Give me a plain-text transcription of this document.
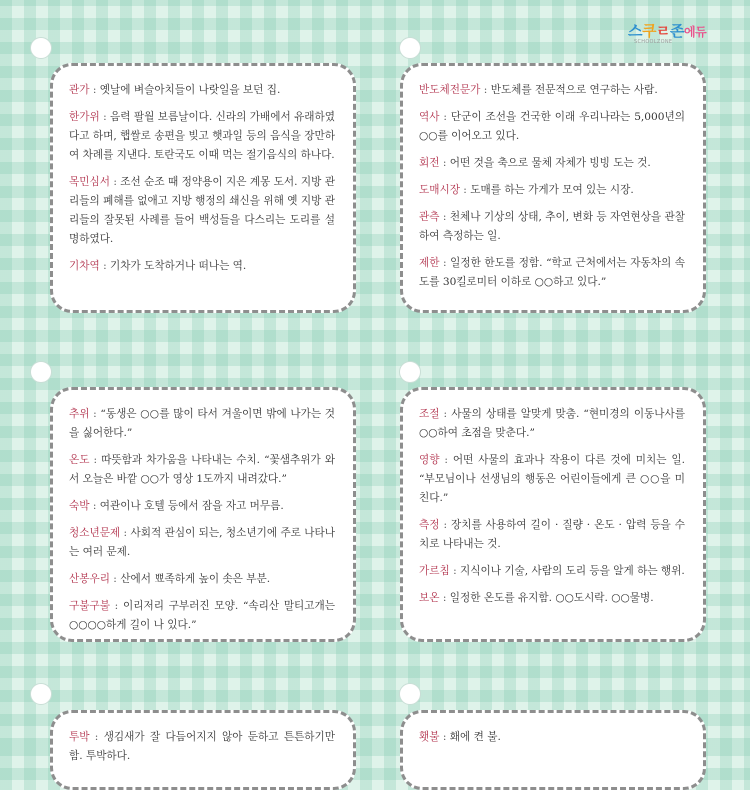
스쿠ㄹ존에듀
SCHOOLZONE
관가 : 옛날에 벼슬아치들이 나랏일을 보던 집.
한가위 : 음력 팔월 보름날이다. 신라의 가배에서 유래하였다고 하며, 햅쌀로 송편을 빚고 햇과일 등의 음식을 장만하여 차례를 지낸다. 토란국도 이때 먹는 절기음식의 하나다.
목민심서 : 조선 순조 때 정약용이 지은 계몽 도서. 지방 관리들의 폐해를 없애고 지방 행정의 쇄신을 위해 옛 지방 관리들의 잘못된 사례를 들어 백성들을 다스리는 도리를 설명하였다.
기차역 : 기차가 도착하거나 떠나는 역.
반도체전문가 : 반도체를 전문적으로 연구하는 사람.
역사 : 단군이 조선을 건국한 이래 우리나라는 5,000년의 ○○를 이어오고 있다.
회전 : 어떤 것을 축으로 물체 자체가 빙빙 도는 것.
도매시장 : 도매를 하는 가게가 모여 있는 시장.
관측 : 천체나 기상의 상태, 추이, 변화 등 자연현상을 관찰하여 측정하는 일.
제한 : 일정한 한도를 정함. “학교 근처에서는 자동차의 속도를 30킬로미터 이하로 ○○하고 있다.”
추위 : “동생은 ○○를 많이 타서 겨울이면 밖에 나가는 것을 싫어한다.”
온도 : 따뜻함과 차가움을 나타내는 수치. “꽃샘추위가 와서 오늘은 바깥 ○○가 영상 1도까지 내려갔다.”
숙박 : 여관이나 호텔 등에서 잠을 자고 머무름.
청소년문제 : 사회적 관심이 되는, 청소년기에 주로 나타나는 여러 문제.
산봉우리 : 산에서 뾰족하게 높이 솟은 부분.
구불구불 : 이리저리 구부러진 모양. “속리산 말티고개는 ○○○○하게 길이 나 있다.”
조절 : 사물의 상태를 알맞게 맞춤. “현미경의 이동나사를 ○○하여 초점을 맞춘다.”
영향 : 어떤 사물의 효과나 작용이 다른 것에 미치는 일. “부모님이나 선생님의 행동은 어린이들에게 큰 ○○을 미친다.”
측정 : 장치를 사용하여 길이 · 질량 · 온도 · 압력 등을 수치로 나타내는 것.
가르침 : 지식이나 기술, 사람의 도리 등을 알게 하는 행위.
보온 : 일정한 온도를 유지함. ○○도시락. ○○물병.
투박 : 생김새가 잘 다듬어지지 않아 둔하고 튼튼하기만 함. 투박하다.
횃불 : 홰에 켠 불.
